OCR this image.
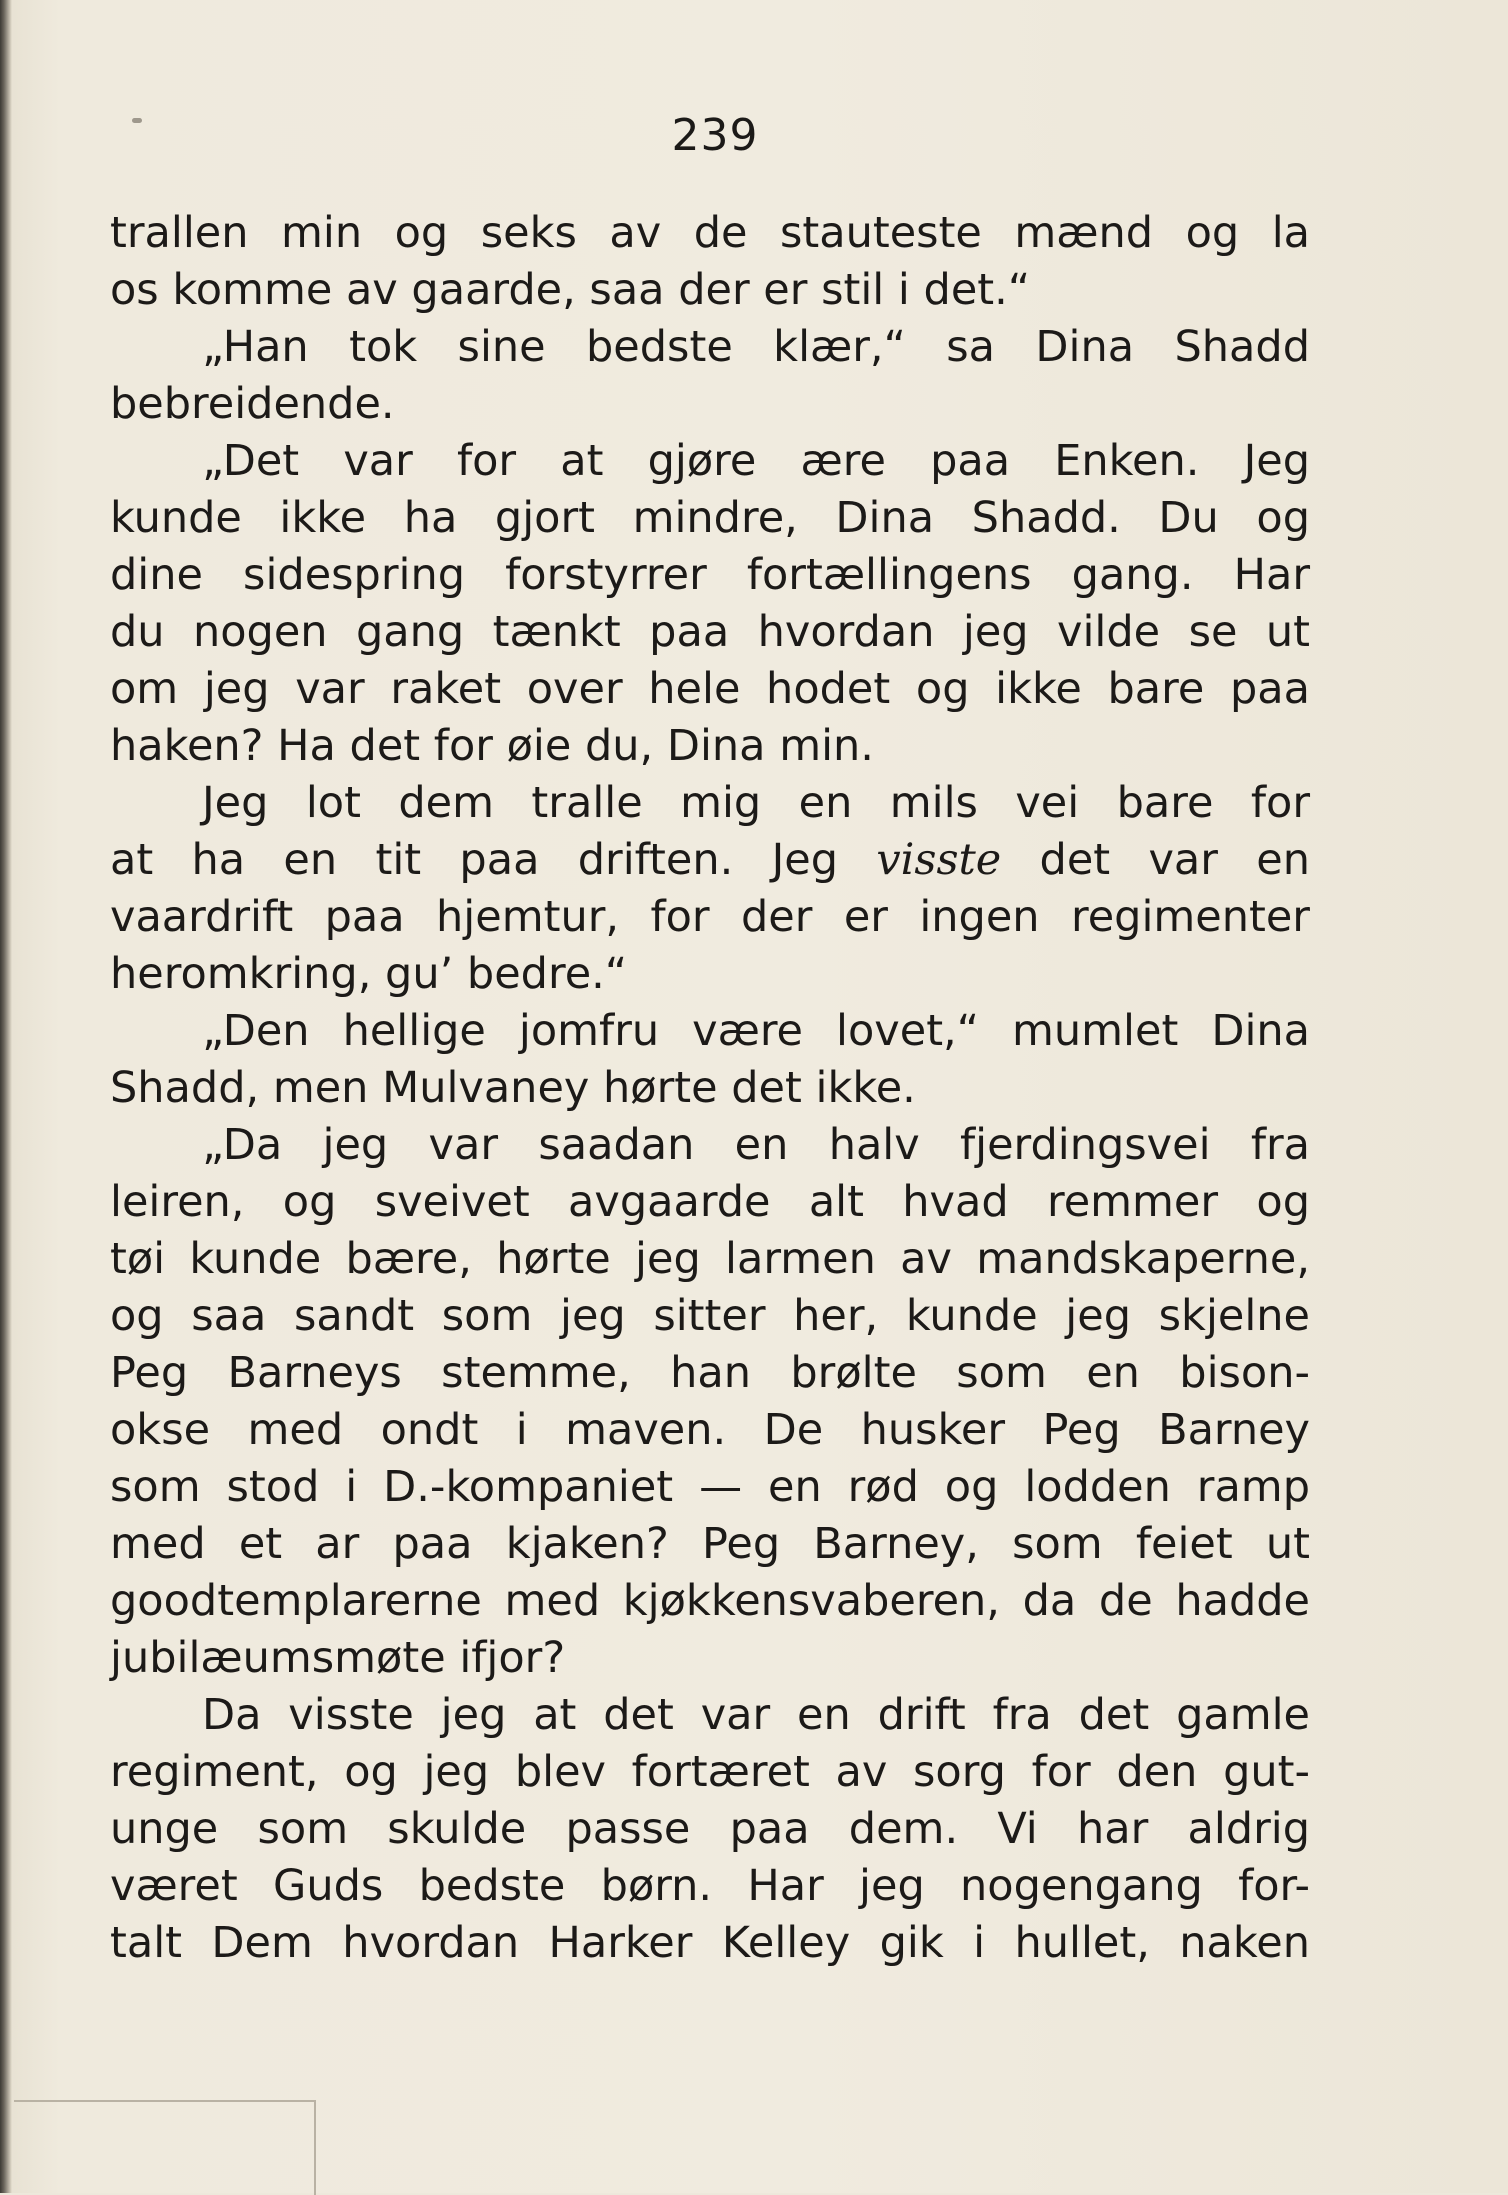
239
trallen min og seks av de stauteste mænd og la
os komme av gaarde, saa der er stil i det.“
„Han tok sine bedste klær,“ sa Dina Shadd
bebreidende.
„Det var for at gjøre ære paa Enken. Jeg
kunde ikke ha gjort mindre, Dina Shadd. Du og
dine sidespring forstyrrer fortællingens gang. Har
du nogen gang tænkt paa hvordan jeg vilde se ut
om jeg var raket over hele hodet og ikke bare paa
haken? Ha det for øie du, Dina min.
Jeg lot dem tralle mig en mils vei bare for
at ha en tit paa driften. Jeg visste det var en
vaardrift paa hjemtur, for der er ingen regimenter
heromkring, gu’ bedre.“
„Den hellige jomfru være lovet,“ mumlet Dina
Shadd, men Mulvaney hørte det ikke.
„Da jeg var saadan en halv fjerdingsvei fra
leiren, og sveivet avgaarde alt hvad remmer og
tøi kunde bære, hørte jeg larmen av mandskaperne,
og saa sandt som jeg sitter her, kunde jeg skjelne
Peg Barneys stemme, han brølte som en bison-
okse med ondt i maven. De husker Peg Barney
som stod i D.-kompaniet — en rød og lodden ramp
med et ar paa kjaken? Peg Barney, som feiet ut
goodtemplarerne med kjøkkensvaberen, da de hadde
jubilæumsmøte ifjor?
Da visste jeg at det var en drift fra det gamle
regiment, og jeg blev fortæret av sorg for den gut-
unge som skulde passe paa dem. Vi har aldrig
været Guds bedste børn. Har jeg nogengang for-
talt Dem hvordan Harker Kelley gik i hullet, naken
